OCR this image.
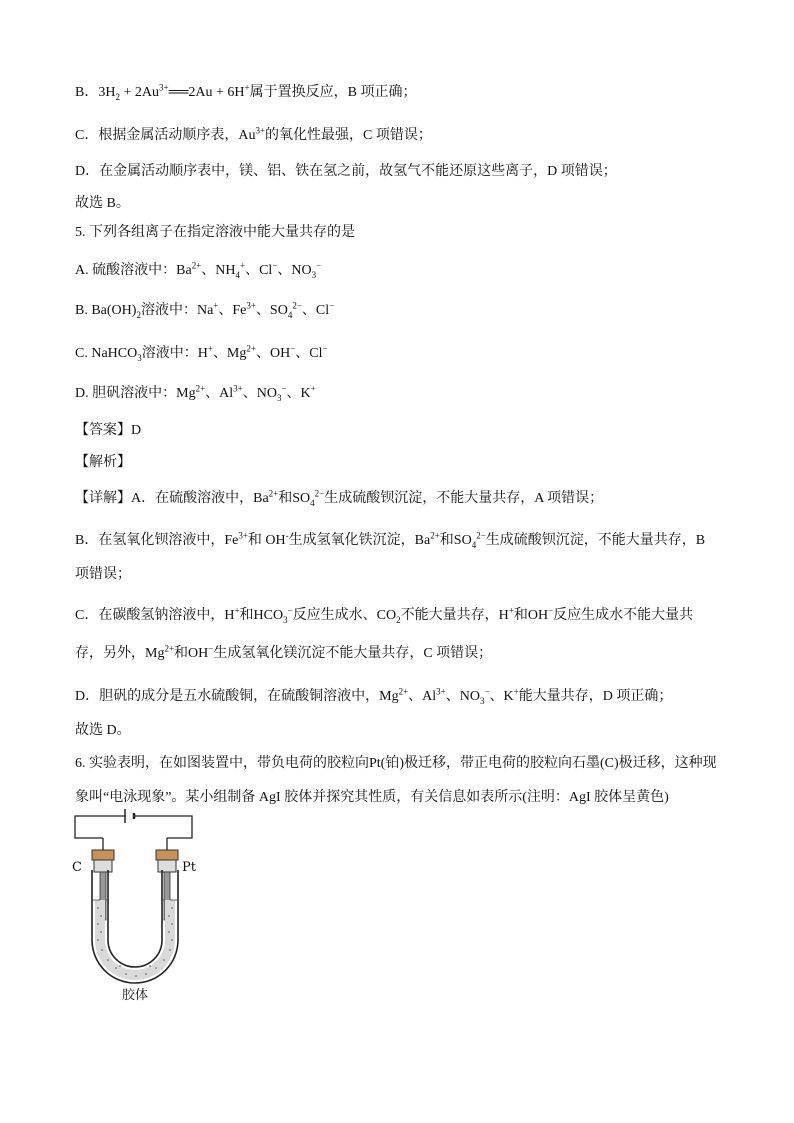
B．$3H_2$ + $2Au^{3+}══2Au + 6H^+$属于置换反应，B 项正确；
C．根据金属活动顺序表，$Au^{3+}$的氧化性最强，C 项错误；
D．在金属活动顺序表中，镁、铝、铁在氢之前，故氢气不能还原这些离子，D 项错误；
故选 B。
5. 下列各组离子在指定溶液中能大量共存的是
A. 硫酸溶液中：$Ba^{2+}$、$NH_4^+$、Cl−、$NO_3^-$
B. $Ba(OH)_2$溶液中：Na+、$Fe^{3+}$、$SO_4^{2-}$、Cl−
C. NaHCO$_3$溶液中：H+、$Mg^{2+}$、OH−、Cl−
D. 胆矾溶液中：$Mg^{2+}$、$Al^{3+}$、$NO_3^-$、K+
【答案】D
【解析】
【详解】A．在硫酸溶液中，$Ba^{2+}$和$SO_4^{2-}$生成硫酸钡沉淀，不能大量共存，A 项错误；
B．在氢氧化钡溶液中，$Fe^{3+}$和 OH-生成氢氧化铁沉淀，$Ba^{2+}$和$SO_4^{2-}$生成硫酸钡沉淀，不能大量共存，B
项错误；
C．在碳酸氢钠溶液中，H+和$HCO_3^-$反应生成水、$CO_2$不能大量共存，H+和OH−反应生成水不能大量共
存，另外，$Mg^{2+}$和OH−生成氢氧化镁沉淀不能大量共存，C 项错误；
D．胆矾的成分是五水硫酸铜，在硫酸铜溶液中，$Mg^{2+}$、$Al^{3+}$、$NO_3^-$、K+能大量共存，D 项正确；
故选 D。
6. 实验表明，在如图装置中，带负电荷的胶粒向Pt(铂)极迁移，带正电荷的胶粒向石墨(C)极迁移，这种现
象叫“电泳现象”。某小组制备 AgI 胶体并探究其性质，有关信息如表所示(注明：AgI 胶体呈黄色)
C	Pt
胶体
